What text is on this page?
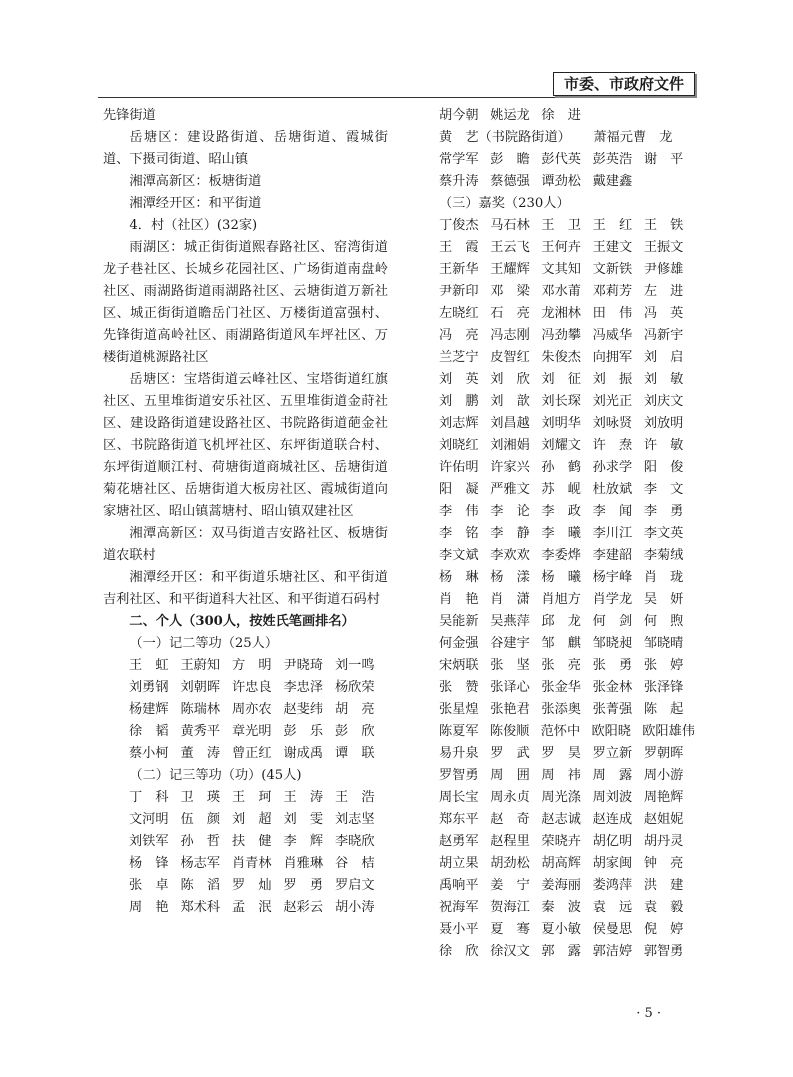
市委、市政府文件
先锋街道

岳塘区：建设路街道、岳塘街道、霞城街道、下摄司街道、昭山镇

湘潭高新区：板塘街道

湘潭经开区：和平街道

4．村（社区）(32家)

雨湖区：城正街街道熙春路社区、窑湾街道龙子巷社区、长城乡花园社区、广场街道南盘岭社区、雨湖路街道雨湖路社区、云塘街道万新社区、城正街街道瞻岳门社区、万楼街道富强村、先锋街道高岭社区、雨湖路街道风车坪社区、万楼街道桃源路社区

岳塘区：宝塔街道云峰社区、宝塔街道红旗社区、五里堆街道安乐社区、五里堆街道金莳社区、建设路街道建设路社区、书院路街道葩金社区、书院路街道飞机坪社区、东坪街道联合村、东坪街道顺江村、荷塘街道商城社区、岳塘街道菊花塘社区、岳塘街道大板房社区、霞城街道向家塘社区、昭山镇蒿塘村、昭山镇双建社区

湘潭高新区：双马街道吉安路社区、板塘街道农联村

湘潭经开区：和平街道乐塘社区、和平街道吉利社区、和平街道科大社区、和平街道石码村

二、个人（300人，按姓氏笔画排名）
（一）记二等功（25人）
王　虹 王蔚知 方　明 尹晓琦 刘一鸣
刘勇钢 刘朝晖 许忠良 李忠泽 杨欣荣
杨建辉 陈瑞林 周亦农 赵斐纬 胡　亮
徐　韬 黄秀平 章光明 彭　乐 彭　欣
蔡小柯 董　涛 曾正红 谢成禹 谭　联
（二）记三等功（功）(45人)
丁　科 卫　瑛 王　珂 王　涛 王　浩
文河明 伍　颜 刘　超 刘　雯 刘志坚
刘铁军 孙　哲 扶　健 李　辉 李晓欣
杨　锋 杨志军 肖青林 肖雅琳 谷　桔
张　卓 陈　滔 罗　灿 罗　勇 罗启文
周　艳 郑术科 孟　泯 赵彩云 胡小涛
胡今朝 姚运龙 徐　进
黄　艺（书院路街道） 萧福元 曹　龙
常学军 彭　瞻 彭代英 彭英浩 谢　平
蔡升涛 蔡德强 谭劲松 戴建鑫
（三）嘉奖（230人）
丁俊杰 马石林 王　卫 王　红 王　铁
王　霞 王云飞 王何卉 王建文 王振文
王新华 王耀辉 文其知 文新铁 尹修雄
尹新印 邓　梁 邓水莆 邓莉芳 左　进
左晓红 石　亮 龙湘林 田　伟 冯　英
冯　亮 冯志刚 冯劲攀 冯威华 冯新宇
兰芝宁 皮智红 朱俊杰 向拥军 刘　启
刘　英 刘　欣 刘　征 刘　振 刘　敏
刘　鹏 刘　歆 刘长琛 刘光正 刘庆文
刘志辉 刘昌越 刘明华 刘咏贤 刘放明
刘晓红 刘湘娟 刘耀文 许　焘 许　敏
许佑明 许家兴 孙　鹤 孙求学 阳　俊
阳　凝 严雅文 苏　岘 杜放斌 李　文
李　伟 李　论 李　政 李　闻 李　勇
李　铭 李　静 李　曦 李川江 李文英
李文斌 李欢欢 李委烨 李建韶 李菊绒
杨　琳 杨　漾 杨　曦 杨宇峰 肖　珑
肖　艳 肖　潇 肖旭方 肖学龙 吴　妍
吴能新 吴燕萍 邱　龙 何　剑 何　煦
何金强 谷建宇 邹　麒 邹晓昶 邹晓晴
宋炳联 张　坚 张　亮 张　勇 张　婷
张　赞 张译心 张金华 张金林 张泽锋
张星煌 张艳君 张添奥 张菁强 陈　起
陈夏军 陈俊顺 范怀中 欧阳晓 欧阳雄伟
易升泉 罗　武 罗　昊 罗立新 罗朝晖
罗智勇 周　囲 周　祎 周　露 周小游
周长宝 周永贞 周光涤 周刘波 周艳辉
郑东平 赵　奇 赵志诚 赵连成 赵姐妮
赵勇军 赵程里 荣晓卉 胡亿明 胡丹灵
胡立果 胡劲松 胡高辉 胡家闽 钟　亮
禹响平 姜　宁 姜海丽 娄鸿萍 洪　建
祝海军 贺海江 秦　波 袁　远 袁　毅
聂小平 夏　骞 夏小敏 侯曼思 倪　婷
徐　欣 徐汉文 郭　露 郭洁婷 郭智勇
· 5 ·
